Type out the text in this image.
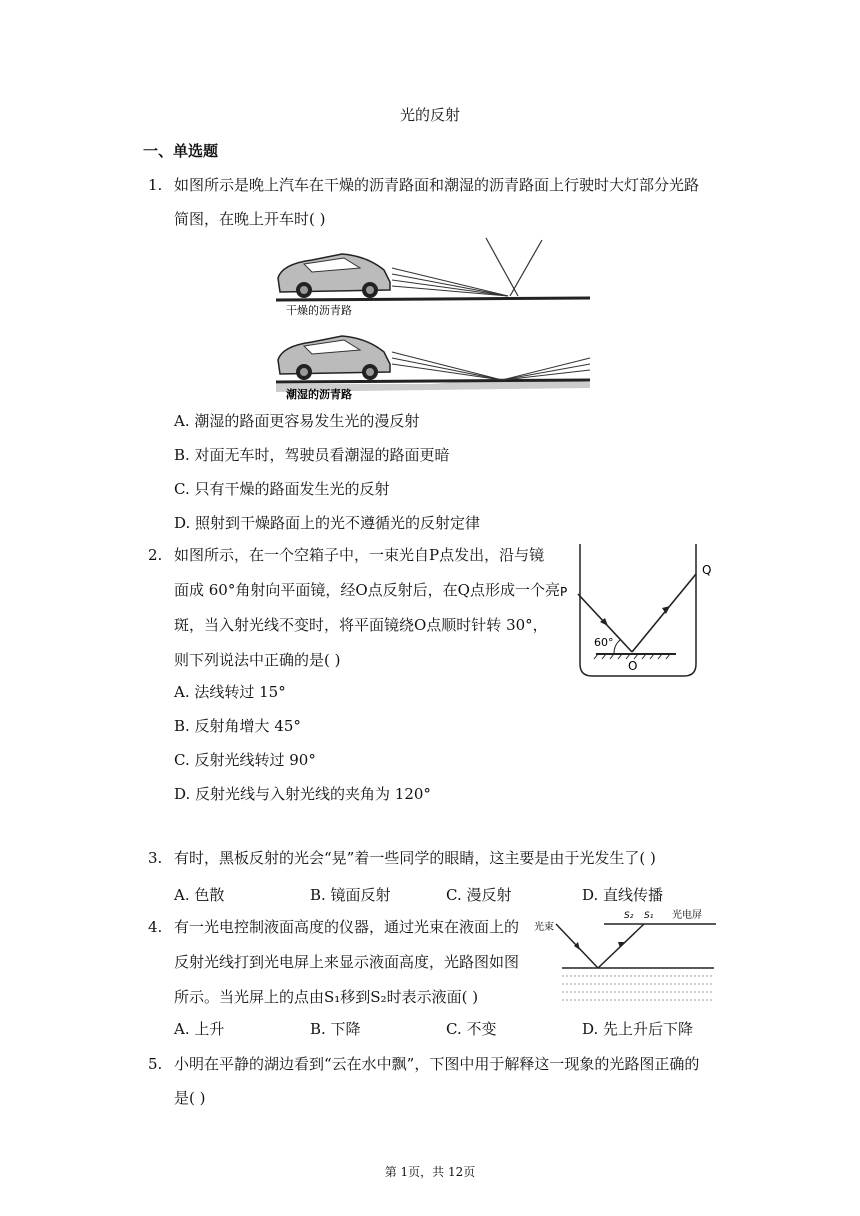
光的反射
一、单选题
1. 如图所示是晚上汽车在干燥的沥青路面和潮湿的沥青路面上行驶时大灯部分光路
简图，在晚上开车时( )
干燥的沥青路
潮湿的沥青路
A. 潮湿的路面更容易发生光的漫反射
B. 对面无车时，驾驶员看潮湿的路面更暗
C. 只有干燥的路面发生光的反射
D. 照射到干燥路面上的光不遵循光的反射定律
2. 如图所示，在一个空箱子中，一束光自P点发出，沿与镜
面成 60°角射向平面镜，经O点反射后，在Q点形成一个亮
斑，当入射光线不变时，将平面镜绕O点顺时针转 30°，
则下列说法中正确的是( )
P
Q
60°
O
A. 法线转过 15°
B. 反射角增大 45°
C. 反射光线转过 90°
D. 反射光线与入射光线的夹角为 120°
3. 有时，黑板反射的光会“晃”着一些同学的眼睛，这主要是由于光发生了( )
A. 色散	B. 镜面反射	C. 漫反射	D. 直线传播
4. 有一光电控制液面高度的仪器，通过光束在液面上的
反射光线打到光电屏上来显示液面高度，光路图如图
所示。当光屏上的点由S₁移到S₂时表示液面( )
光束
S₂ S₁ 光电屏
A. 上升	B. 下降	C. 不变	D. 先上升后下降
5. 小明在平静的湖边看到“云在水中飘”，下图中用于解释这一现象的光路图正确的
是( )
第 1页，共 12页
